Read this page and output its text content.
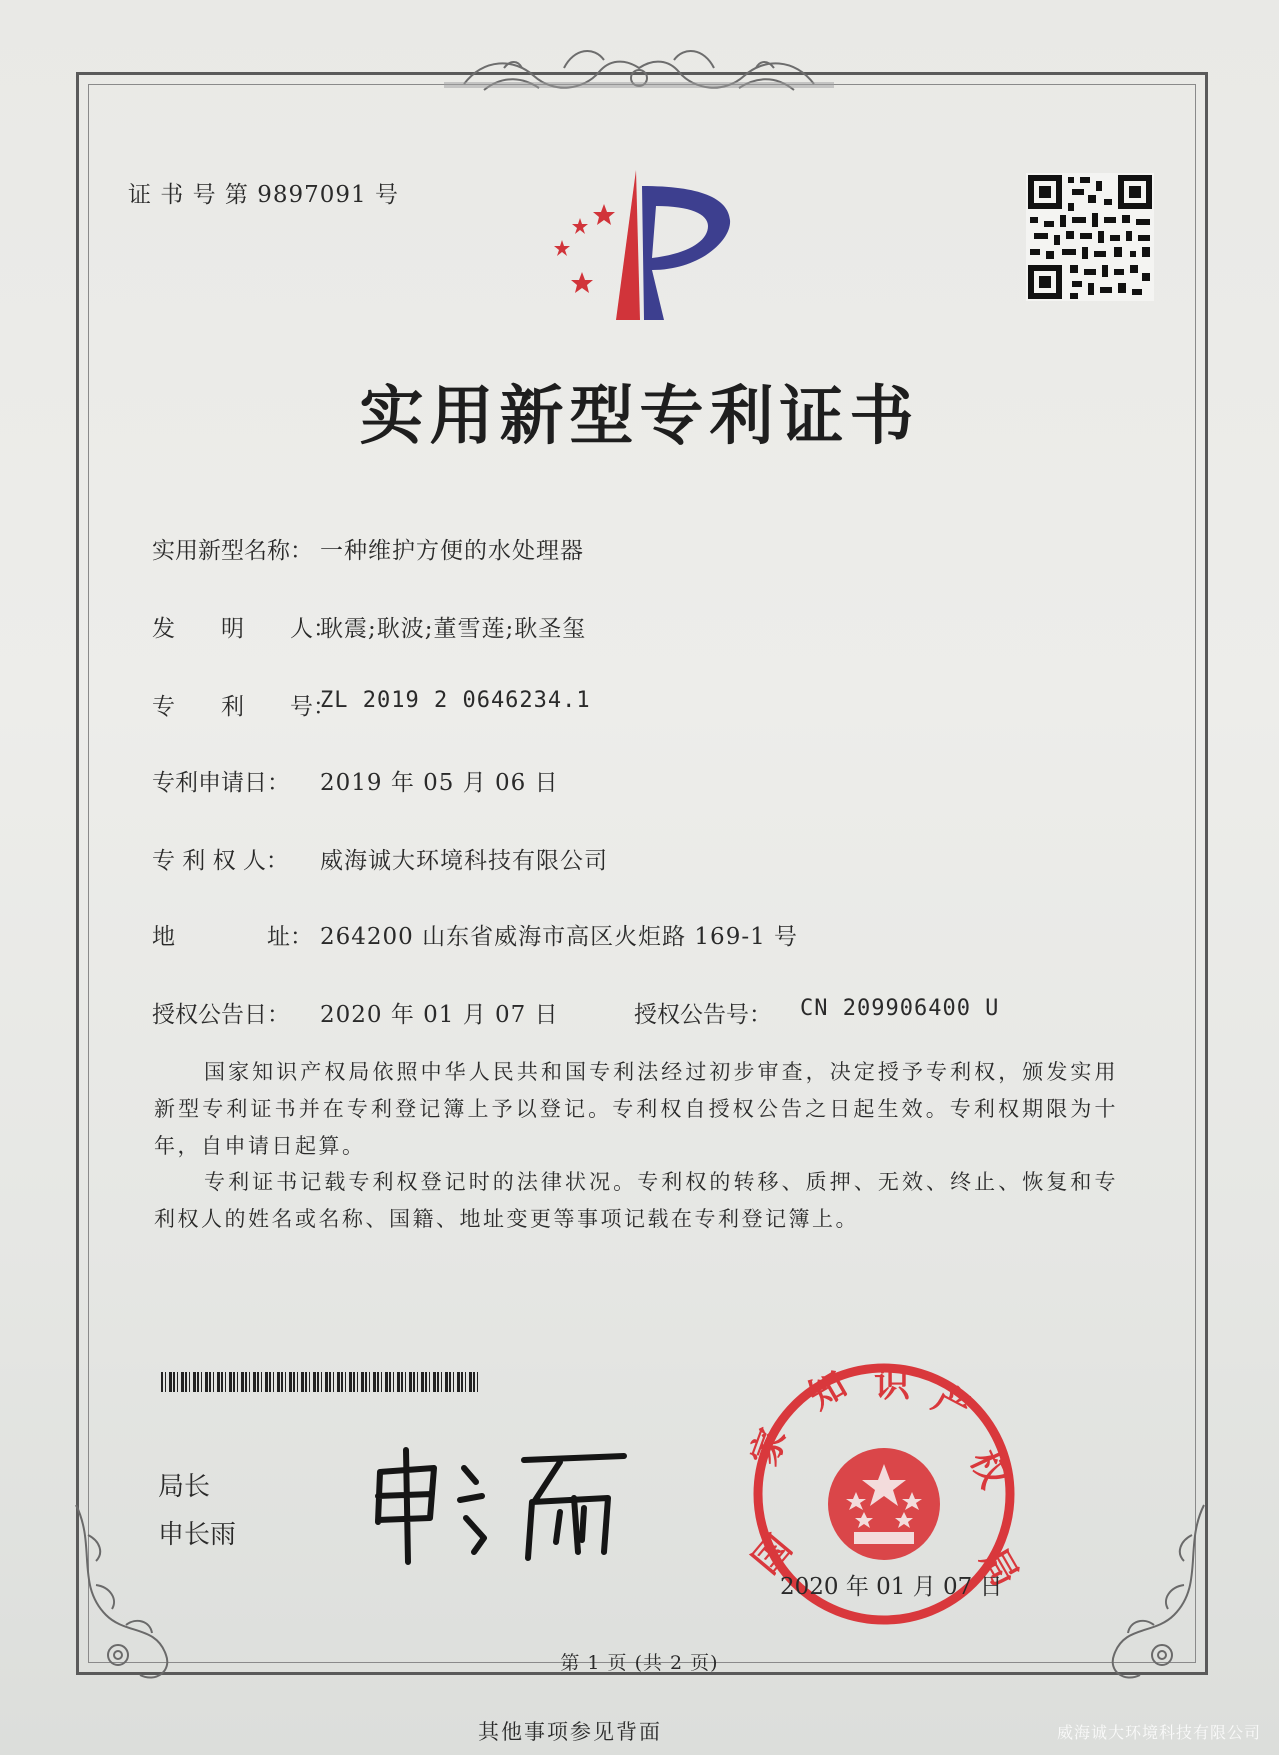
证 书 号 第 9897091 号
实用新型专利证书
实用新型名称： 一种维护方便的水处理器
发　　明　　人：
耿震;耿波;董雪莲;耿圣玺
专　　利　　号：
ZL 2019 2 0646234.1
专利申请日： 2019 年 05 月 06 日
专 利 权 人： 威海诚大环境科技有限公司
地　　　　址： 264200 山东省威海市高区火炬路 169-1 号
授权公告日： 2020 年 01 月 07 日	授权公告号： CN 209906400 U
国家知识产权局依照中华人民共和国专利法经过初步审查，决定授予专利权，颁发实用新型专利证书并在专利登记簿上予以登记。专利权自授权公告之日起生效。专利权期限为十年，自申请日起算。
专利证书记载专利权登记时的法律状况。专利权的转移、质押、无效、终止、恢复和专利权人的姓名或名称、国籍、地址变更等事项记载在专利登记簿上。
局长
申长雨	国
家
知 识 产
权
局
2020 年 01 月 07 日
第 1 页 (共 2 页)
其他事项参见背面	威海诚大环境科技有限公司
